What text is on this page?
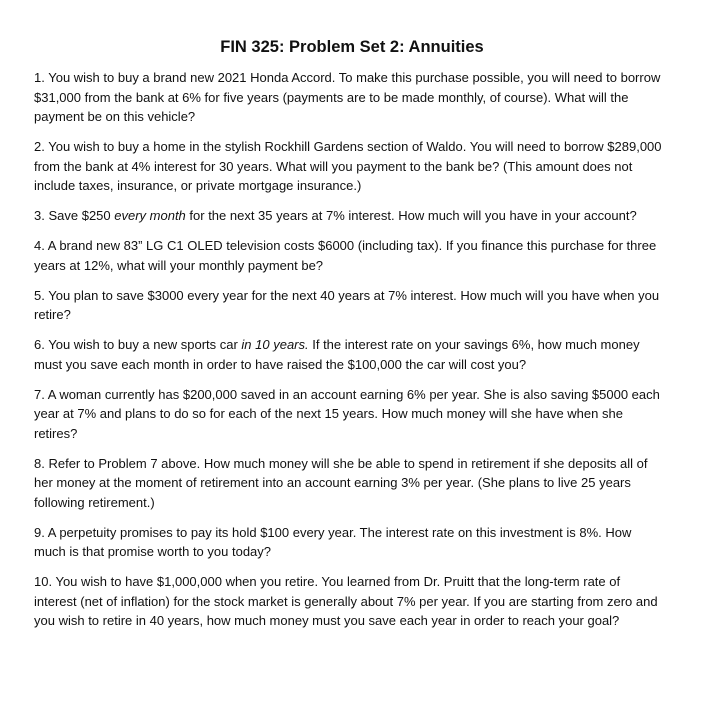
FIN 325: Problem Set 2: Annuities
1. You wish to buy a brand new 2021 Honda Accord. To make this purchase possible, you will need to borrow $31,000 from the bank at 6% for five years (payments are to be made monthly, of course). What will the payment be on this vehicle?
2. You wish to buy a home in the stylish Rockhill Gardens section of Waldo. You will need to borrow $289,000 from the bank at 4% interest for 30 years. What will you payment to the bank be? (This amount does not include taxes, insurance, or private mortgage insurance.)
3. Save $250 every month for the next 35 years at 7% interest. How much will you have in your account?
4. A brand new 83” LG C1 OLED television costs $6000 (including tax). If you finance this purchase for three years at 12%, what will your monthly payment be?
5. You plan to save $3000 every year for the next 40 years at 7% interest. How much will you have when you retire?
6. You wish to buy a new sports car in 10 years. If the interest rate on your savings 6%, how much money must you save each month in order to have raised the $100,000 the car will cost you?
7. A woman currently has $200,000 saved in an account earning 6% per year. She is also saving $5000 each year at 7% and plans to do so for each of the next 15 years. How much money will she have when she retires?
8. Refer to Problem 7 above. How much money will she be able to spend in retirement if she deposits all of her money at the moment of retirement into an account earning 3% per year. (She plans to live 25 years following retirement.)
9. A perpetuity promises to pay its hold $100 every year. The interest rate on this investment is 8%. How much is that promise worth to you today?
10. You wish to have $1,000,000 when you retire. You learned from Dr. Pruitt that the long-term rate of interest (net of inflation) for the stock market is generally about 7% per year. If you are starting from zero and you wish to retire in 40 years, how much money must you save each year in order to reach your goal?
